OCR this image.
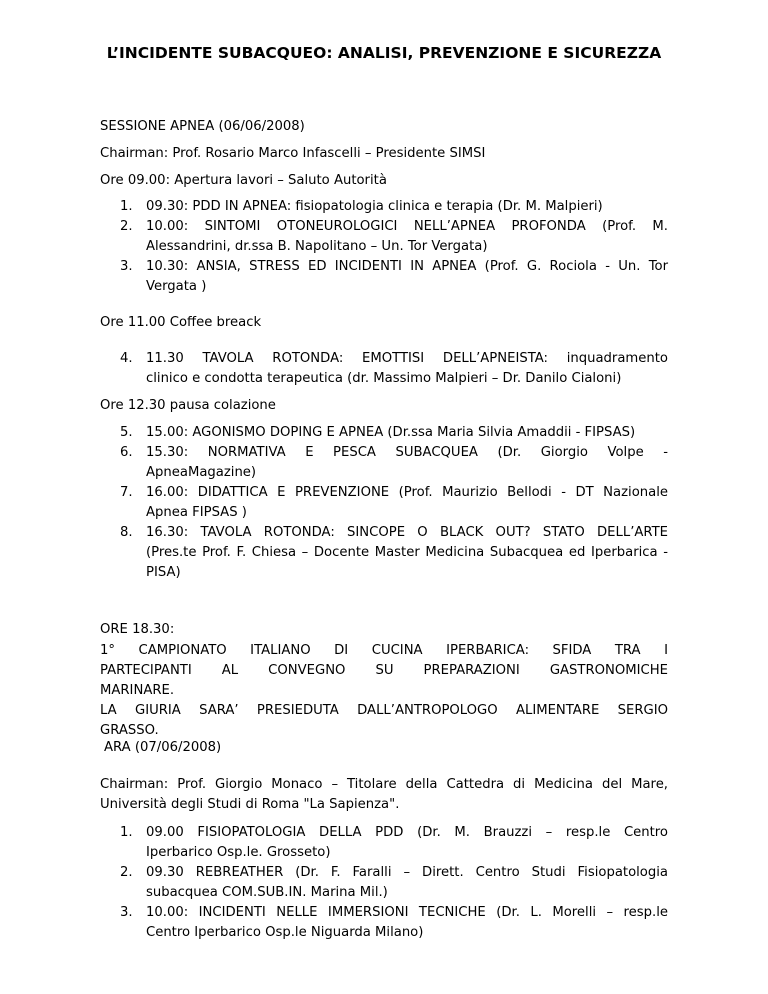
L’INCIDENTE SUBACQUEO: ANALISI, PREVENZIONE E SICUREZZA
SESSIONE APNEA (06/06/2008)
Chairman: Prof. Rosario Marco Infascelli – Presidente SIMSI
Ore 09.00: Apertura lavori – Saluto Autorità
1. 09.30: PDD IN APNEA: fisiopatologia clinica e terapia (Dr. M. Malpieri)
2. 10.00: SINTOMI OTONEUROLOGICI NELL’APNEA PROFONDA (Prof. M.
Alessandrini, dr.ssa B. Napolitano – Un. Tor Vergata)
3. 10.30: ANSIA, STRESS ED INCIDENTI IN APNEA (Prof. G. Rociola - Un. Tor
Vergata )
Ore 11.00 Coffee breack
4. 11.30 TAVOLA ROTONDA: EMOTTISI DELL’APNEISTA: inquadramento
clinico e condotta terapeutica (dr. Massimo Malpieri – Dr. Danilo Cialoni)
Ore 12.30 pausa colazione
5. 15.00: AGONISMO DOPING E APNEA (Dr.ssa Maria Silvia Amaddii - FIPSAS)
6. 15.30: NORMATIVA E PESCA SUBACQUEA (Dr. Giorgio Volpe -
ApneaMagazine)
7. 16.00: DIDATTICA E PREVENZIONE (Prof. Maurizio Bellodi - DT Nazionale
Apnea FIPSAS )
8. 16.30: TAVOLA ROTONDA: SINCOPE O BLACK OUT? STATO DELL’ARTE
(Pres.te Prof. F. Chiesa – Docente Master Medicina Subacquea ed Iperbarica -
PISA)
ORE 18.30:
1° CAMPIONATO ITALIANO DI CUCINA IPERBARICA: SFIDA TRA I
PARTECIPANTI AL CONVEGNO SU PREPARAZIONI GASTRONOMICHE
MARINARE.
LA GIURIA SARA’ PRESIEDUTA DALL’ANTROPOLOGO ALIMENTARE SERGIO
GRASSO.
ARA (07/06/2008)
Chairman: Prof. Giorgio Monaco – Titolare della Cattedra di Medicina del Mare,
Università degli Studi di Roma "La Sapienza".
1. 09.00 FISIOPATOLOGIA DELLA PDD (Dr. M. Brauzzi – resp.le Centro
Iperbarico Osp.le. Grosseto)
2. 09.30 REBREATHER (Dr. F. Faralli – Dirett. Centro Studi Fisiopatologia
subacquea COM.SUB.IN. Marina Mil.)
3. 10.00: INCIDENTI NELLE IMMERSIONI TECNICHE (Dr. L. Morelli – resp.le
Centro Iperbarico Osp.le Niguarda Milano)
